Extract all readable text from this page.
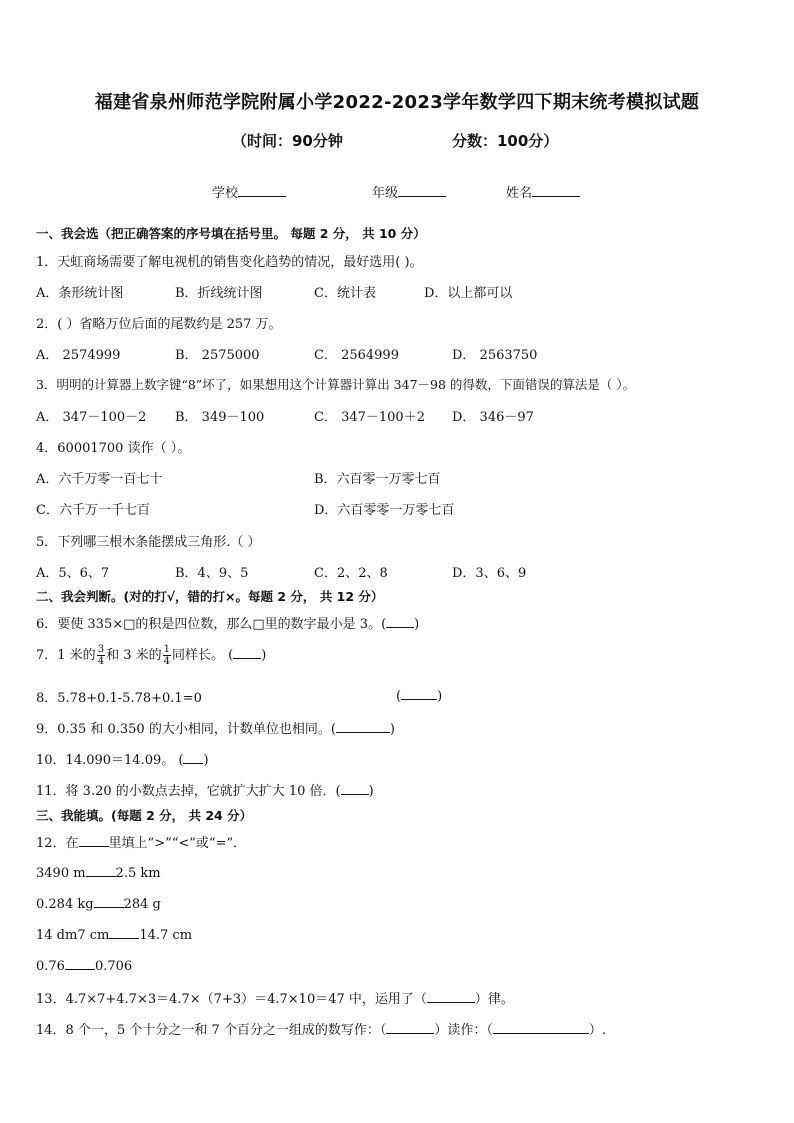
福建省泉州师范学院附属小学2022-2023学年数学四下期末统考模拟试题
（时间：90分钟	分数：100分）
学校	年级	姓名
一、我会选（把正确答案的序号填在括号里。 每题 2 分， 共 10 分）
1．天虹商场需要了解电视机的销售变化趋势的情况，最好选用( )。
A．条形统计图	B．折线统计图	C．统计表	D．以上都可以
2．( ）省略万位后面的尾数约是 257 万。
A． 2574999	B． 2575000	C． 2564999	D． 2563750
3．明明的计算器上数字键“8”坏了，如果想用这个计算器计算出 347－98 的得数，下面错误的算法是（ ）。
A． 347－100－2 B． 349－100	C． 347－100＋2 D． 346－97
4．60001700 读作（ ）。
A．六千万零一百七十	B．六百零一万零七百
C．六千万一千七百	D．六百零零一万零七百
5．下列哪三根木条能摆成三角形.（ ）
A．5、6、7	B．4、9、5	C．2、2、8	D．3、6、9
二、我会判断。(对的打√，错的打×。每题 2 分， 共 12 分）
6．要使 335×□的积是四位数，那么□里的数字最小是 3。( )
7．1 米的 $\frac{3}{4}$ 和 3 米的 $\frac{1}{4}$ 同样长。 ( )
8．5.78+0.1-5.78+0.1=0	(	)
9．0.35 和 0.350 的大小相同，计数单位也相同。(	)
10．14.090＝14.09。 ( )
11．将 3.20 的小数点去掉，它就扩大扩大 10 倍．( )
三、我能填。(每题 2 分， 共 24 分）
12．在 里填上“>”“<”或“=”．
3490 m 2.5 km
0.284 kg 284 g
14 dm7 cm 14.7 cm
0.76 0.706
13．4.7×7+4.7×3＝4.7×（7+3）＝4.7×10＝47 中，运用了（	）律。
14．8 个一，5 个十分之一和 7 个百分之一组成的数写作：（	）读作：（	）.
